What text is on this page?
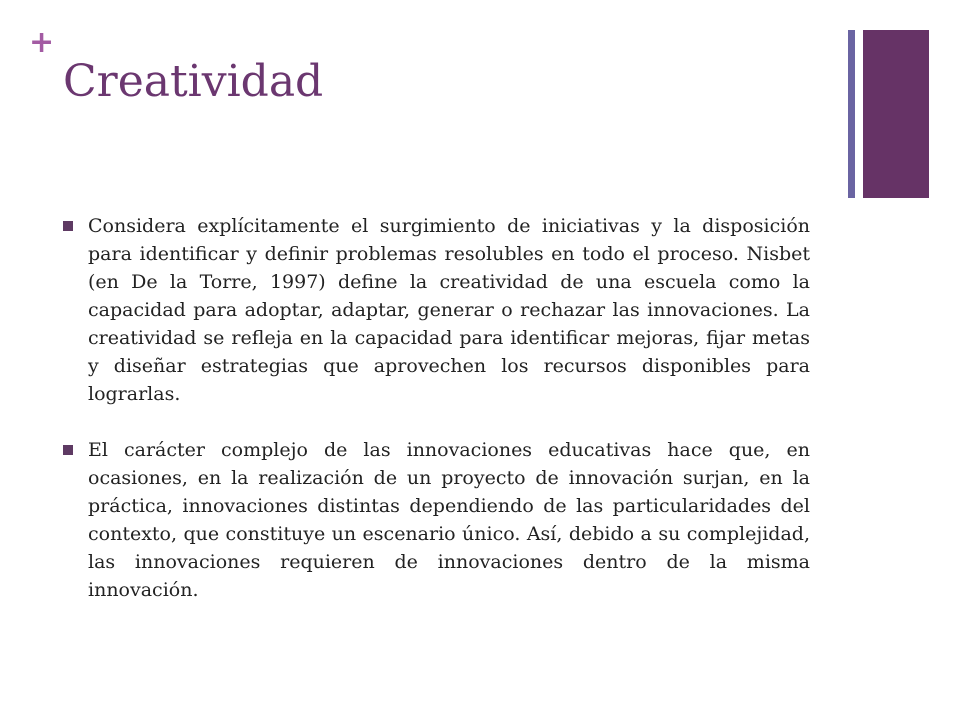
+
Creatividad
Considera explícitamente el surgimiento de iniciativas y la disposición para identificar y definir problemas resolubles en todo el proceso. Nisbet (en De la Torre, 1997) define la creatividad de una escuela como la capacidad para adoptar, adaptar, generar o rechazar las innovaciones. La creatividad se refleja en la capacidad para identificar mejoras, fijar metas y diseñar estrategias que aprovechen los recursos disponibles para lograrlas.
El carácter complejo de las innovaciones educativas hace que, en ocasiones, en la realización de un proyecto de innovación surjan, en la práctica, innovaciones distintas dependiendo de las particularidades del contexto, que constituye un escenario único. Así, debido a su complejidad, las innovaciones requieren de innovaciones dentro de la misma innovación.
